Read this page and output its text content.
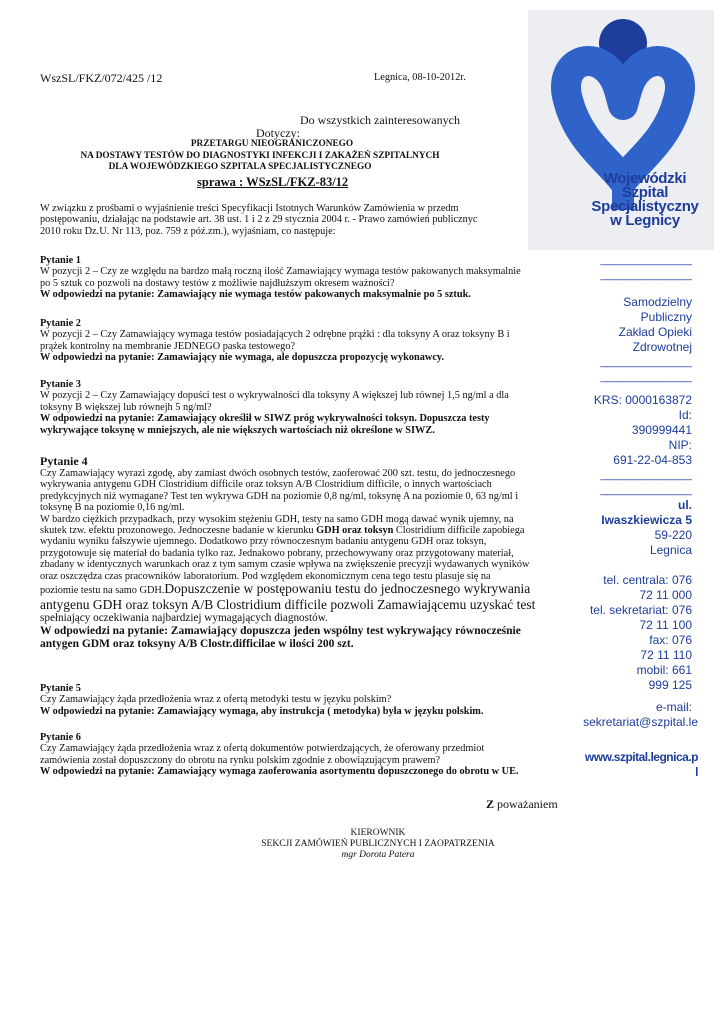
Wojewódzki
Szpital
Specjalistyczny
w Legnicy
WszSL/FKZ/072/425 /12	Legnica, 08-10-2012r.
Do wszystkich zainteresowanych
Dotyczy:
PRZETARGU NIEOGRANICZONEGO
NA DOSTAWY TESTÓW DO DIAGNOSTYKI INFEKCJI I ZAKAŻEŃ SZPITALNYCH
DLA WOJEWÓDZKIEGO SZPITALA SPECJALISTYCZNEGO
sprawa : WSzSL/FKZ-83/12

W związku z prośbami o wyjaśnienie treści Specyfikacji Istotnych Warunków Zamówienia w przedm

postępowaniu, działając na podstawie art. 38 ust. 1 i 2 z 29 stycznia 2004 r. - Prawo zamówień publicznyc

2010 roku Dz.U. Nr 113, poz. 759 z póź.zm.), wyjaśniam, co następuje:

Pytanie 1

W pozycji 2 – Czy ze względu na bardzo małą roczną ilość Zamawiający wymaga testów pakowanych maksymalnie

po 5 sztuk co pozwoli na dostawy testów z możliwie najdłuższym okresem ważności?

W odpowiedzi na pytanie: Zamawiający nie wymaga testów pakowanych maksymalnie po 5 sztuk.

Pytanie 2

W pozycji 2 – Czy Zamawiający wymaga testów posiadających 2 odrębne prążki : dla toksyny A oraz toksyny B i

prążek kontrolny na membranie JEDNEGO paska testowego?

W odpowiedzi na pytanie: Zamawiający nie wymaga, ale dopuszcza propozycję wykonawcy.

Pytanie 3

W pozycji 2 – Czy Zamawiający dopuści test o wykrywalności dla toksyny A większej lub równej 1,5 ng/ml a dla

toksyny B większej lub równejh 5 ng/ml?

W odpowiedzi na pytanie: Zamawiający określił w SIWZ próg wykrywalności toksyn. Dopuszcza testy

wykrywające toksynę w mniejszych, ale nie większych wartościach niż określone w SIWZ.

Pytanie 4

Czy Zamawiający wyrazi zgodę, aby zamiast dwóch osobnych testów, zaoferować 200 szt. testu, do jednoczesnego

wykrywania antygenu GDH Clostridium difficile oraz toksyn A/B Clostridium difficile, o innych wartościach

predykcyjnych niż wymagane? Test ten wykrywa GDH na poziomie 0,8 ng/ml, toksynę A na poziomie 0, 63 ng/ml i

toksynę B na poziomie 0,16 ng/ml.

W bardzo ciężkich przypadkach, przy wysokim stężeniu GDH, testy na samo GDH mogą dawać wynik ujemny, na

skutek tzw. efektu prozonowego. Jednoczesne badanie w kierunku GDH oraz toksyn Clostridium difficile zapobiega

wydaniu wyniku fałszywie ujemnego. Dodatkowo przy równoczesnym badaniu antygenu GDH oraz toksyn,

przygotowuje się materiał do badania tylko raz. Jednakowo pobrany, przechowywany oraz przygotowany materiał,

zbadany w identycznych warunkach oraz z tym samym czasie wpływa na zwiększenie precyzji wydawanych wyników

oraz oszczędza czas pracowników laboratorium. Pod względem ekonomicznym cena tego testu plasuje się na

poziomie testu na samo GDH.Dopuszczenie w postępowaniu testu do jednoczesnego wykrywania

antygenu GDH oraz toksyn A/B Clostridium difficile pozwoli Zamawiającemu uzyskać test

spełniający oczekiwania najbardziej wymagających diagnostów.

W odpowiedzi na pytanie: Zamawiający dopuszcza jeden wspólny test wykrywający równocześnie

antygen GDM oraz toksyny A/B Clostr.difficilae w ilości 200 szt.

Pytanie 5

Czy Zamawiający żąda przedłożenia wraz z ofertą metodyki testu w języku polskim?

W odpowiedzi na pytanie: Zamawiający wymaga, aby instrukcja ( metodyka) była w języku polskim.

Pytanie 6

Czy Zamawiający żąda przedłożenia wraz z ofertą dokumentów potwierdzających, że oferowany przedmiot

zamówienia został dopuszczony do obrotu na rynku polskim zgodnie z obowiązującym prawem?

W odpowiedzi na pytanie: Zamawiający wymaga zaoferowania asortymentu dopuszczonego do obrotu w UE.

Z poważaniem
KIEROWNIK
SEKCJI ZAMÓWIEŃ PUBLICZNYCH I ZAOPATRZENIA
mgr Dorota Patera
________________
________________
Samodzielny
Publiczny
Zakład Opieki
Zdrowotnej
________________
________________
KRS: 0000163872
Id:
390999441
NIP:
691-22-04-853
________________
________________
ul.
Iwaszkiewicza 5
59-220
Legnica
tel. centrala: 076
72 11 000
tel. sekretariat: 076
72 11 100
fax: 076
72 11 110
mobil: 661
999 125
e-mail:
sekretariat@szpital.le
www.szpital.legnica.p
l
